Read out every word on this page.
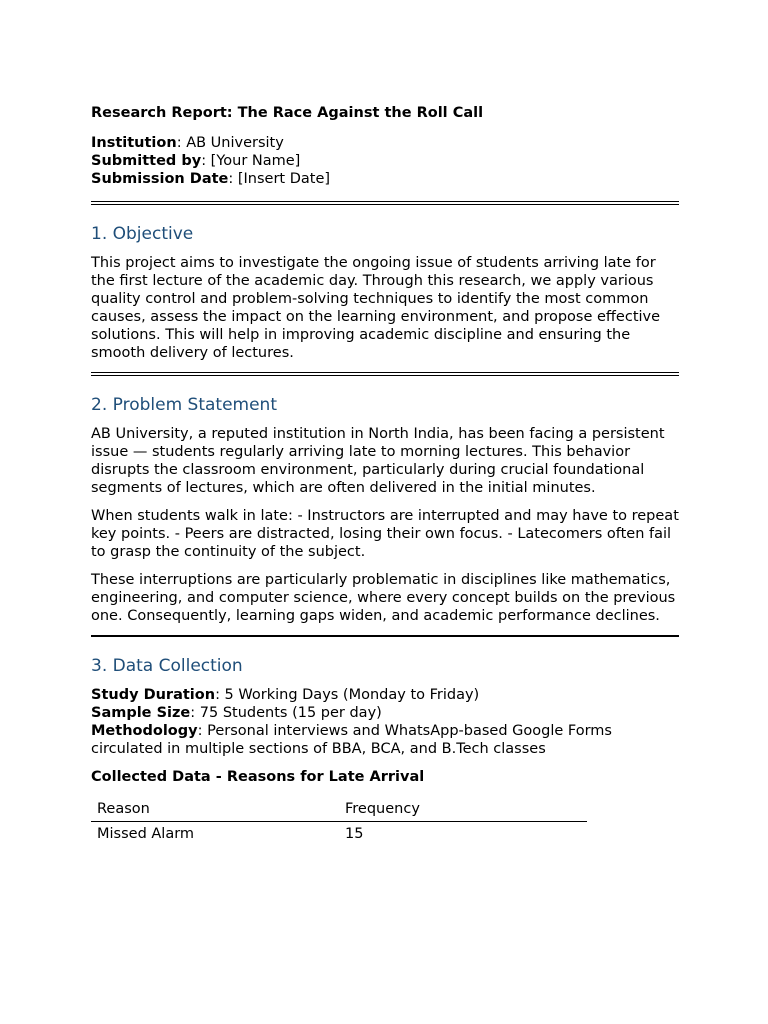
Research Report: The Race Against the Roll Call
Institution: AB University
Submitted by: [Your Name]
Submission Date: [Insert Date]
1. Objective

This project aims to investigate the ongoing issue of students arriving late for the first lecture of the academic day. Through this research, we apply various quality control and problem-solving techniques to identify the most common causes, assess the impact on the learning environment, and propose effective solutions. This will help in improving academic discipline and ensuring the smooth delivery of lectures.

2. Problem Statement

AB University, a reputed institution in North India, has been facing a persistent issue — students regularly arriving late to morning lectures. This behavior disrupts the classroom environment, particularly during crucial foundational segments of lectures, which are often delivered in the initial minutes.

When students walk in late: - Instructors are interrupted and may have to repeat key points. - Peers are distracted, losing their own focus. - Latecomers often fail to grasp the continuity of the subject.

These interruptions are particularly problematic in disciplines like mathematics, engineering, and computer science, where every concept builds on the previous one. Consequently, learning gaps widen, and academic performance declines.

3. Data Collection
Study Duration: 5 Working Days (Monday to Friday)
Sample Size: 75 Students (15 per day)
Methodology: Personal interviews and WhatsApp-based Google Forms circulated in multiple sections of BBA, BCA, and B.Tech classes
Collected Data - Reasons for Late Arrival
Reason	Frequency
Missed Alarm	15
